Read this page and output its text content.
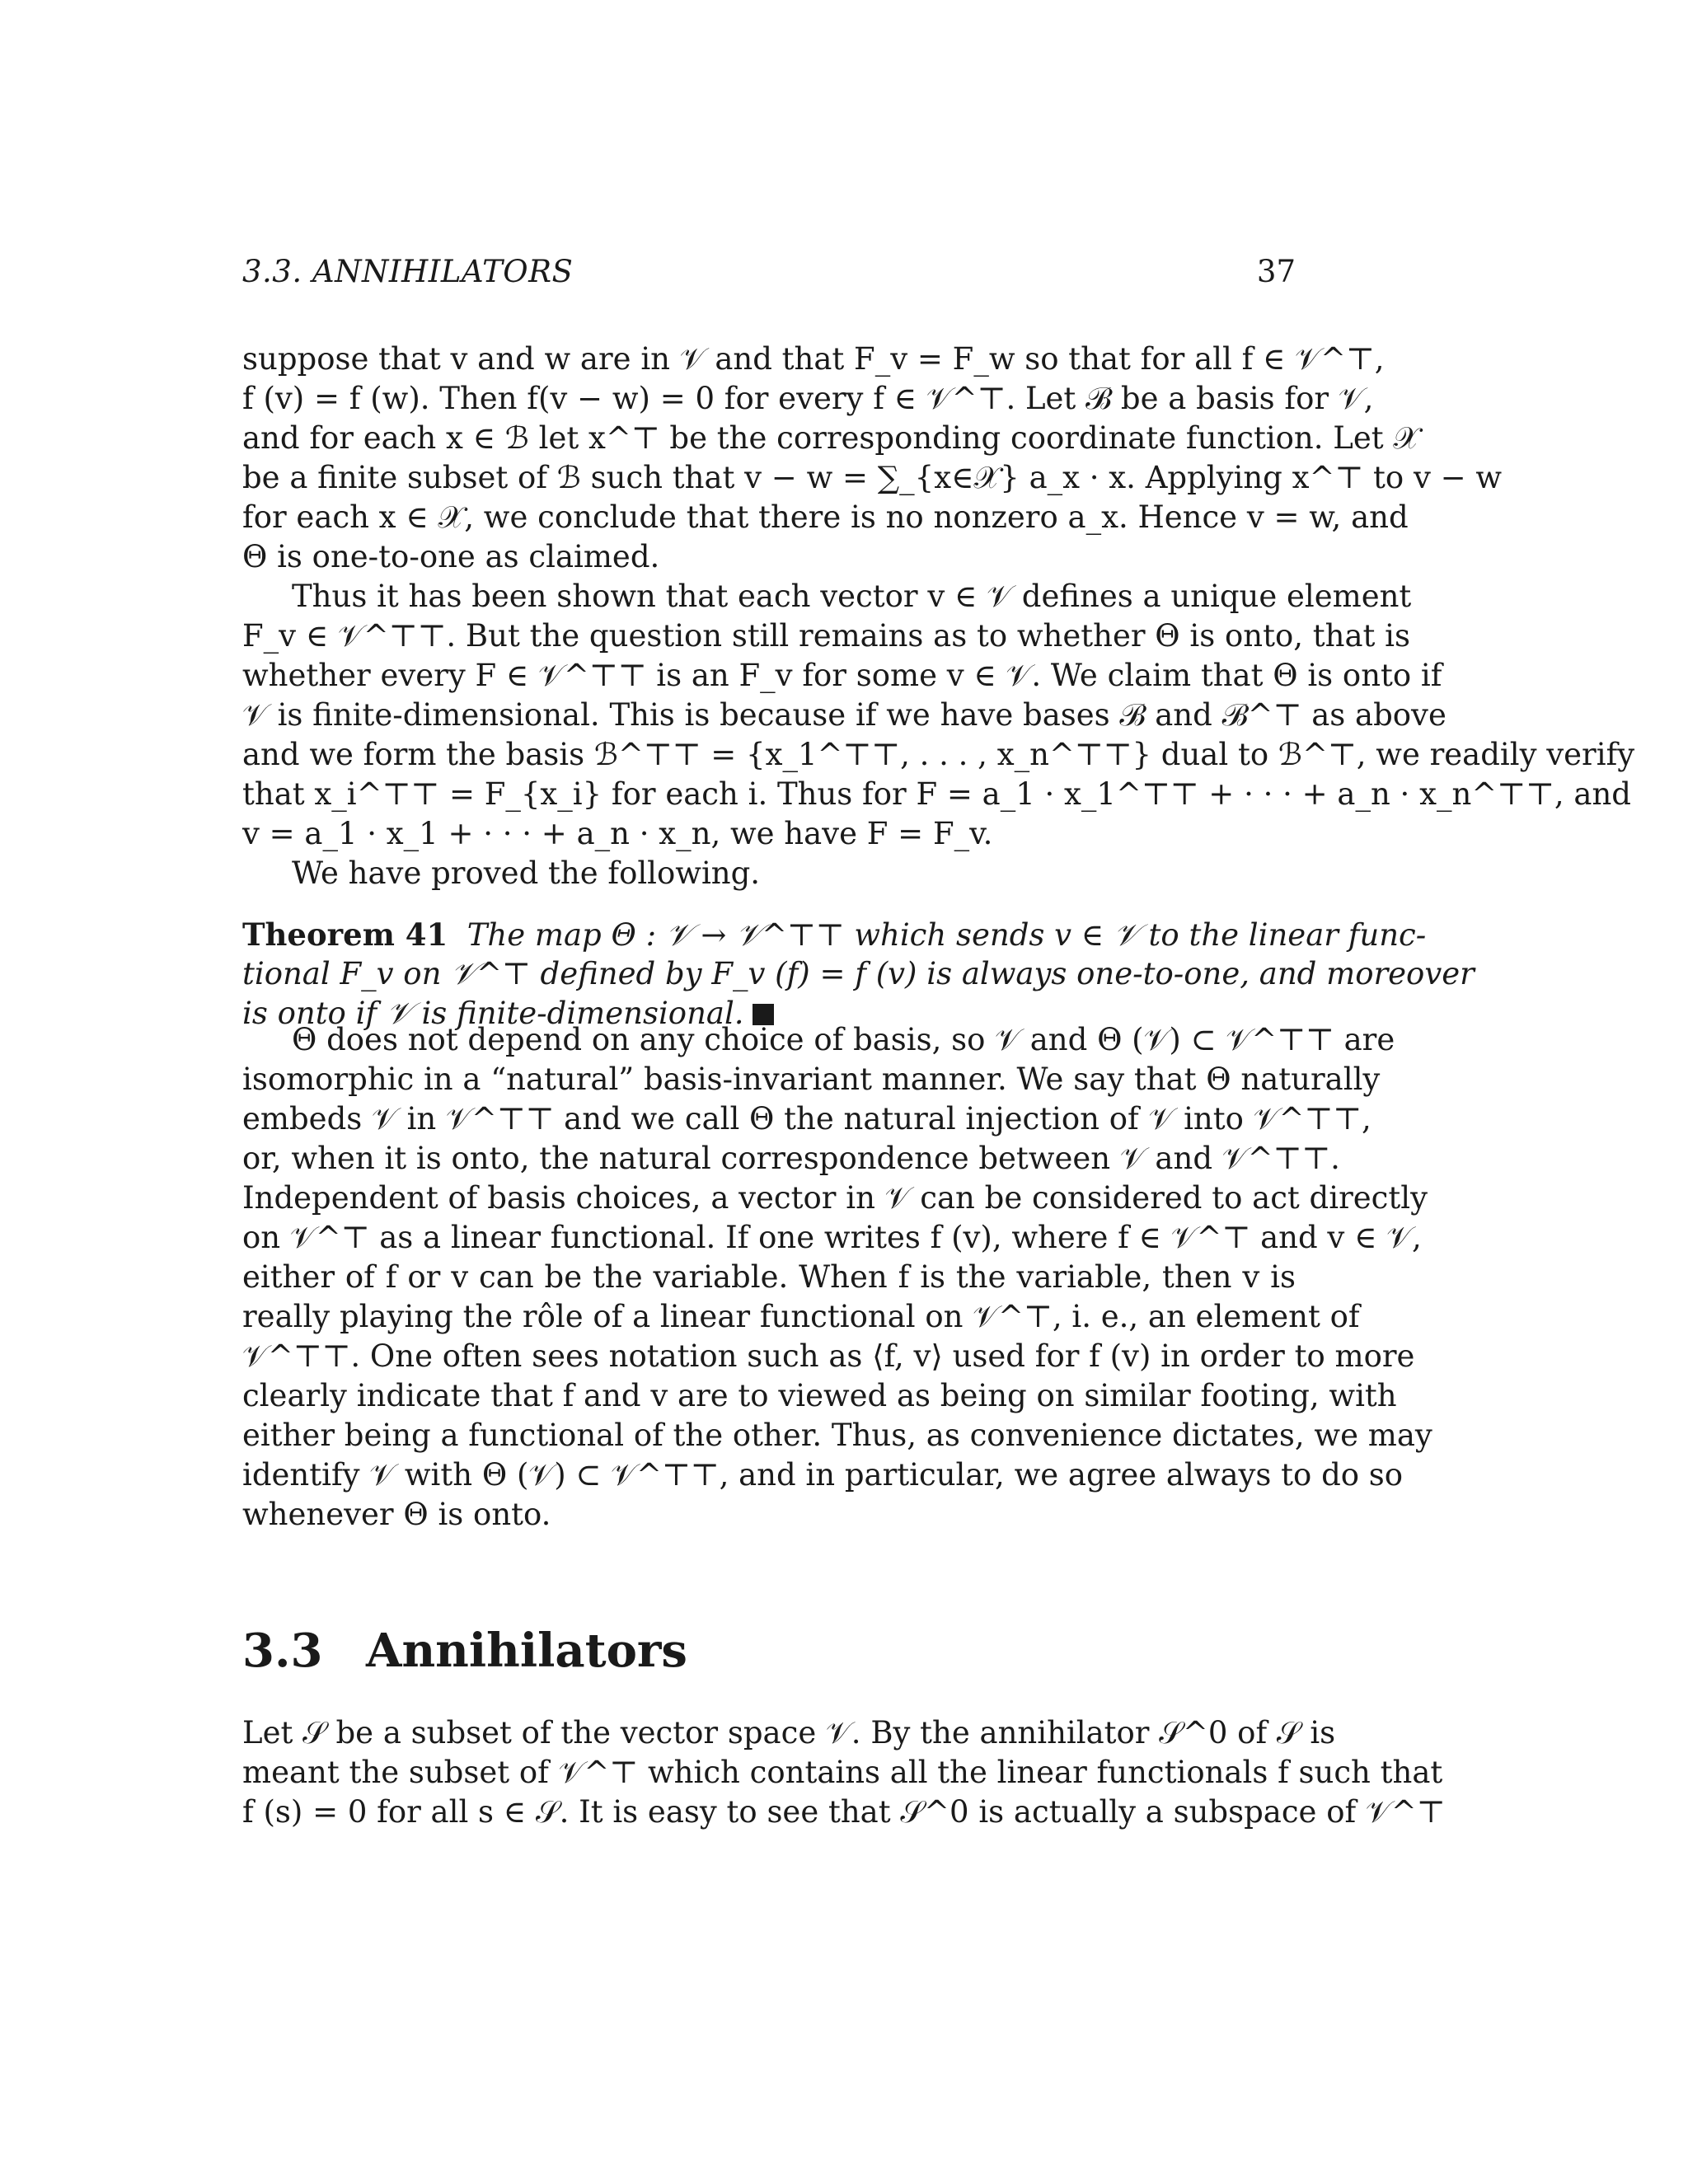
3.3. ANNIHILATORS	37
suppose that v and w are in 𝒱 and that F_v = F_w so that for all f ∈ 𝒱^⊤,
f (v) = f (w). Then f(v − w) = 0 for every f ∈ 𝒱^⊤. Let ℬ be a basis for 𝒱,
and for each x ∈ ℬ let x^⊤ be the corresponding coordinate function. Let 𝒳
be a finite subset of ℬ such that v − w = ∑_{x∈𝒳} a_x · x. Applying x^⊤ to v − w
for each x ∈ 𝒳, we conclude that there is no nonzero a_x. Hence v = w, and
Θ is one-to-one as claimed.
Thus it has been shown that each vector v ∈ 𝒱 defines a unique element
F_v ∈ 𝒱^⊤⊤. But the question still remains as to whether Θ is onto, that is
whether every F ∈ 𝒱^⊤⊤ is an F_v for some v ∈ 𝒱. We claim that Θ is onto if
𝒱 is finite-dimensional. This is because if we have bases ℬ and ℬ^⊤ as above
and we form the basis ℬ^⊤⊤ = {x_1^⊤⊤, . . . , x_n^⊤⊤} dual to ℬ^⊤, we readily verify
that x_i^⊤⊤ = F_{x_i} for each i. Thus for F = a_1 · x_1^⊤⊤ + · · · + a_n · x_n^⊤⊤, and
v = a_1 · x_1 + · · · + a_n · x_n, we have F = F_v.
We have proved the following.
Theorem 41 The map Θ : 𝒱 → 𝒱^⊤⊤ which sends v ∈ 𝒱 to the linear func-
tional F_v on 𝒱^⊤ defined by F_v (f) = f (v) is always one-to-one, and moreover
is onto if 𝒱 is finite-dimensional.
Θ does not depend on any choice of basis, so 𝒱 and Θ (𝒱) ⊂ 𝒱^⊤⊤ are
isomorphic in a “natural” basis-invariant manner. We say that Θ naturally
embeds 𝒱 in 𝒱^⊤⊤ and we call Θ the natural injection of 𝒱 into 𝒱^⊤⊤,
or, when it is onto, the natural correspondence between 𝒱 and 𝒱^⊤⊤.
Independent of basis choices, a vector in 𝒱 can be considered to act directly
on 𝒱^⊤ as a linear functional. If one writes f (v), where f ∈ 𝒱^⊤ and v ∈ 𝒱,
either of f or v can be the variable. When f is the variable, then v is
really playing the rôle of a linear functional on 𝒱^⊤, i. e., an element of
𝒱^⊤⊤. One often sees notation such as ⟨f, v⟩ used for f (v) in order to more
clearly indicate that f and v are to viewed as being on similar footing, with
either being a functional of the other. Thus, as convenience dictates, we may
identify 𝒱 with Θ (𝒱) ⊂ 𝒱^⊤⊤, and in particular, we agree always to do so
whenever Θ is onto.
3.3 Annihilators
Let 𝒮 be a subset of the vector space 𝒱. By the annihilator 𝒮^0 of 𝒮 is
meant the subset of 𝒱^⊤ which contains all the linear functionals f such that
f (s) = 0 for all s ∈ 𝒮. It is easy to see that 𝒮^0 is actually a subspace of 𝒱^⊤
